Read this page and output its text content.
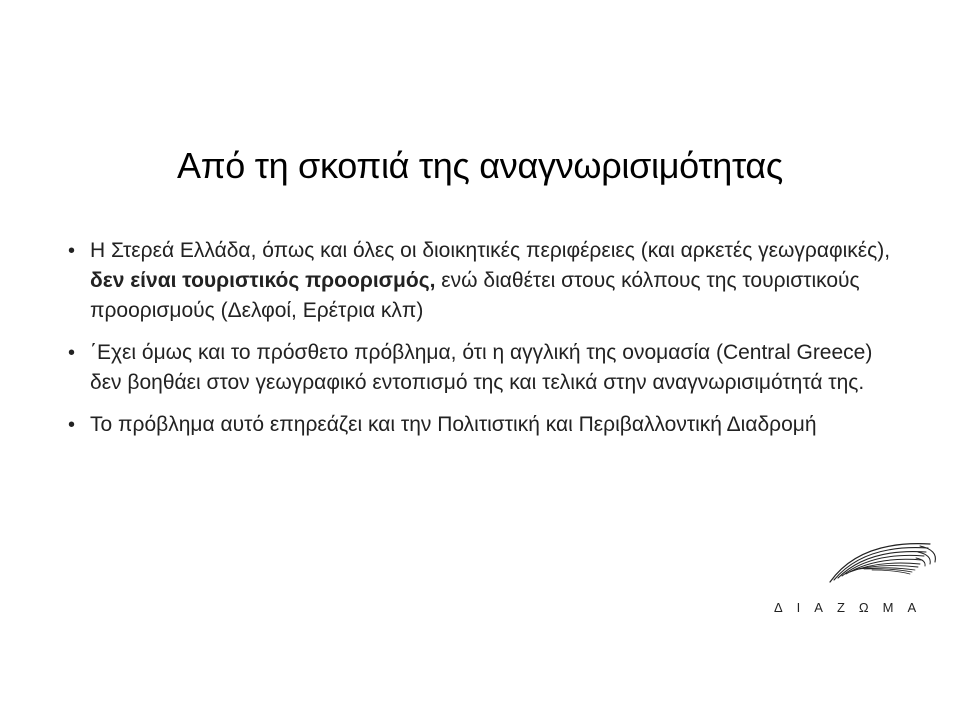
Από τη σκοπιά της αναγνωρισιμότητας
• Η Στερεά Ελλάδα, όπως και όλες οι διοικητικές περιφέρειες (και αρκετές γεωγραφικές), δεν είναι τουριστικός προορισμός, ενώ διαθέτει στους κόλπους της τουριστικούς προορισμούς (Δελφοί, Ερέτρια κλπ)
• ΄Εχει όμως και το πρόσθετο πρόβλημα, ότι η αγγλική της ονομασία (Central Greece) δεν βοηθάει στον γεωγραφικό εντοπισμό της και τελικά στην αναγνωρισιμότητά της.
• Το πρόβλημα αυτό επηρεάζει και την Πολιτιστική και Περιβαλλοντική Διαδρομή
ΔΙΑΖΩΜΑ
